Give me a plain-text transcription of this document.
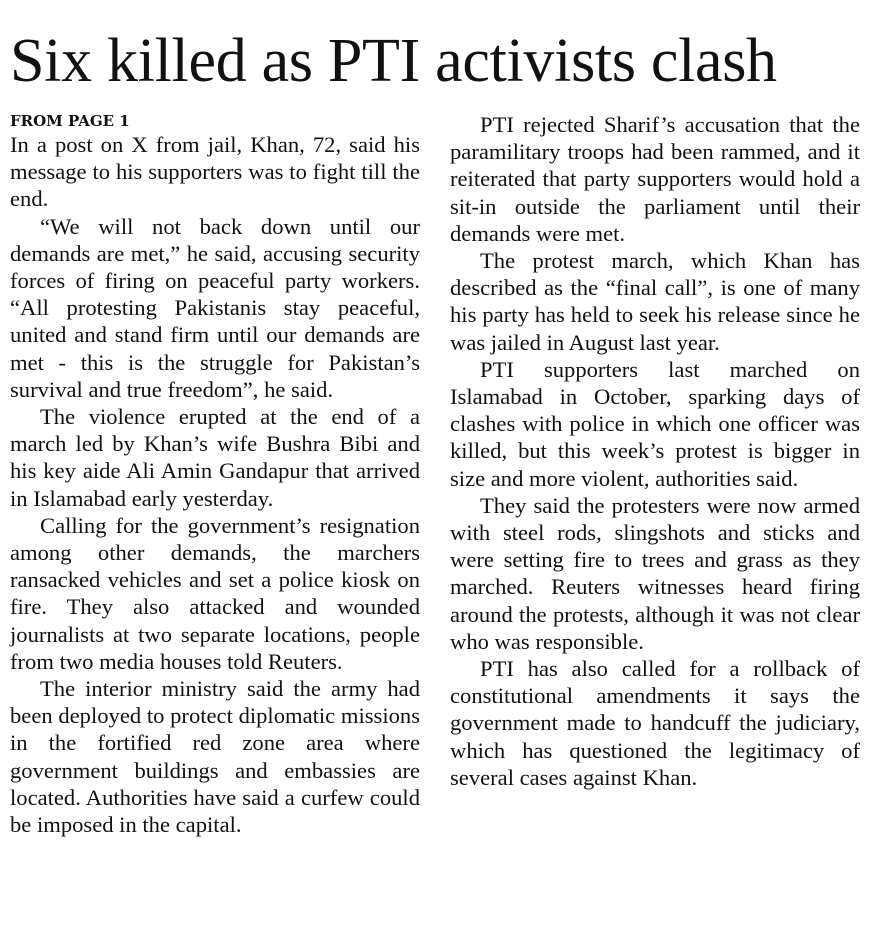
Six killed as PTI activists clash
FROM PAGE 1

In a post on X from jail, Khan, 72, said his message to his supporters was to fight till the end.

“We will not back down until our demands are met,” he said, accusing security forces of firing on peaceful party workers. “All protesting Pakistanis stay peaceful, united and stand firm until our demands are met - this is the struggle for Pakistan’s survival and true freedom”, he said.

The violence erupted at the end of a march led by Khan’s wife Bushra Bibi and his key aide Ali Amin Gandapur that arrived in Islamabad early yesterday.

Calling for the government’s resignation among other demands, the marchers ransacked vehicles and set a police kiosk on fire. They also attacked and wounded journalists at two separate locations, people from two media houses told Reuters.

The interior ministry said the army had been deployed to protect diplomatic missions in the fortified red zone area where government buildings and embassies are located. Authorities have said a curfew could be imposed in the capital.

PTI rejected Sharif’s accusation that the paramilitary troops had been rammed, and it reiterated that party supporters would hold a sit-in outside the parliament until their demands were met.

The protest march, which Khan has described as the “final call”, is one of many his party has held to seek his release since he was jailed in August last year.

PTI supporters last marched on Islamabad in October, sparking days of clashes with police in which one officer was killed, but this week’s protest is bigger in size and more violent, authorities said.

They said the protesters were now armed with steel rods, slingshots and sticks and were setting fire to trees and grass as they marched. Reuters witnesses heard firing around the protests, although it was not clear who was responsible.

PTI has also called for a rollback of constitutional amendments it says the government made to handcuff the judiciary, which has questioned the legitimacy of several cases against Khan.
